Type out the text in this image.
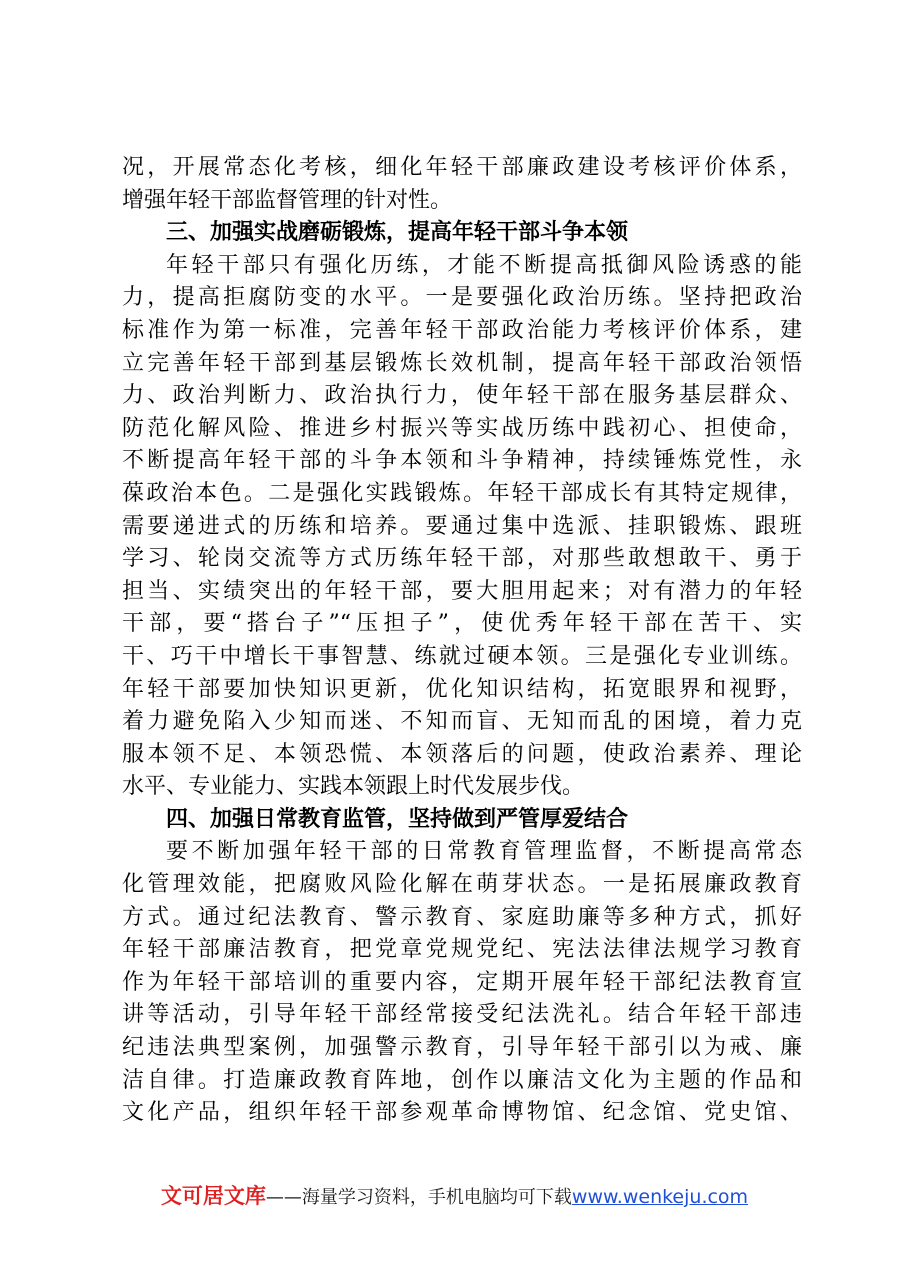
况，开展常态化考核，细化年轻干部廉政建设考核评价体系，
增强年轻干部监督管理的针对性。
三、加强实战磨砺锻炼，提高年轻干部斗争本领
年轻干部只有强化历练，才能不断提高抵御风险诱惑的能
力，提高拒腐防变的水平。一是要强化政治历练。坚持把政治
标准作为第一标准，完善年轻干部政治能力考核评价体系，建
立完善年轻干部到基层锻炼长效机制，提高年轻干部政治领悟
力、政治判断力、政治执行力，使年轻干部在服务基层群众、
防范化解风险、推进乡村振兴等实战历练中践初心、担使命，
不断提高年轻干部的斗争本领和斗争精神，持续锤炼党性，永
葆政治本色。二是强化实践锻炼。年轻干部成长有其特定规律，
需要递进式的历练和培养。要通过集中选派、挂职锻炼、跟班
学习、轮岗交流等方式历练年轻干部，对那些敢想敢干、勇于
担当、实绩突出的年轻干部，要大胆用起来；对有潜力的年轻
干部，要“搭台子”“压担子”，使优秀年轻干部在苦干、实
干、巧干中增长干事智慧、练就过硬本领。三是强化专业训练。
年轻干部要加快知识更新，优化知识结构，拓宽眼界和视野，
着力避免陷入少知而迷、不知而盲、无知而乱的困境，着力克
服本领不足、本领恐慌、本领落后的问题，使政治素养、理论
水平、专业能力、实践本领跟上时代发展步伐。
四、加强日常教育监管，坚持做到严管厚爱结合
要不断加强年轻干部的日常教育管理监督，不断提高常态
化管理效能，把腐败风险化解在萌芽状态。一是拓展廉政教育
方式。通过纪法教育、警示教育、家庭助廉等多种方式，抓好
年轻干部廉洁教育，把党章党规党纪、宪法法律法规学习教育
作为年轻干部培训的重要内容，定期开展年轻干部纪法教育宣
讲等活动，引导年轻干部经常接受纪法洗礼。结合年轻干部违
纪违法典型案例，加强警示教育，引导年轻干部引以为戒、廉
洁自律。打造廉政教育阵地，创作以廉洁文化为主题的作品和
文化产品，组织年轻干部参观革命博物馆、纪念馆、党史馆、
文可居文库——海量学习资料，手机电脑均可下载www.wenkeju.com
